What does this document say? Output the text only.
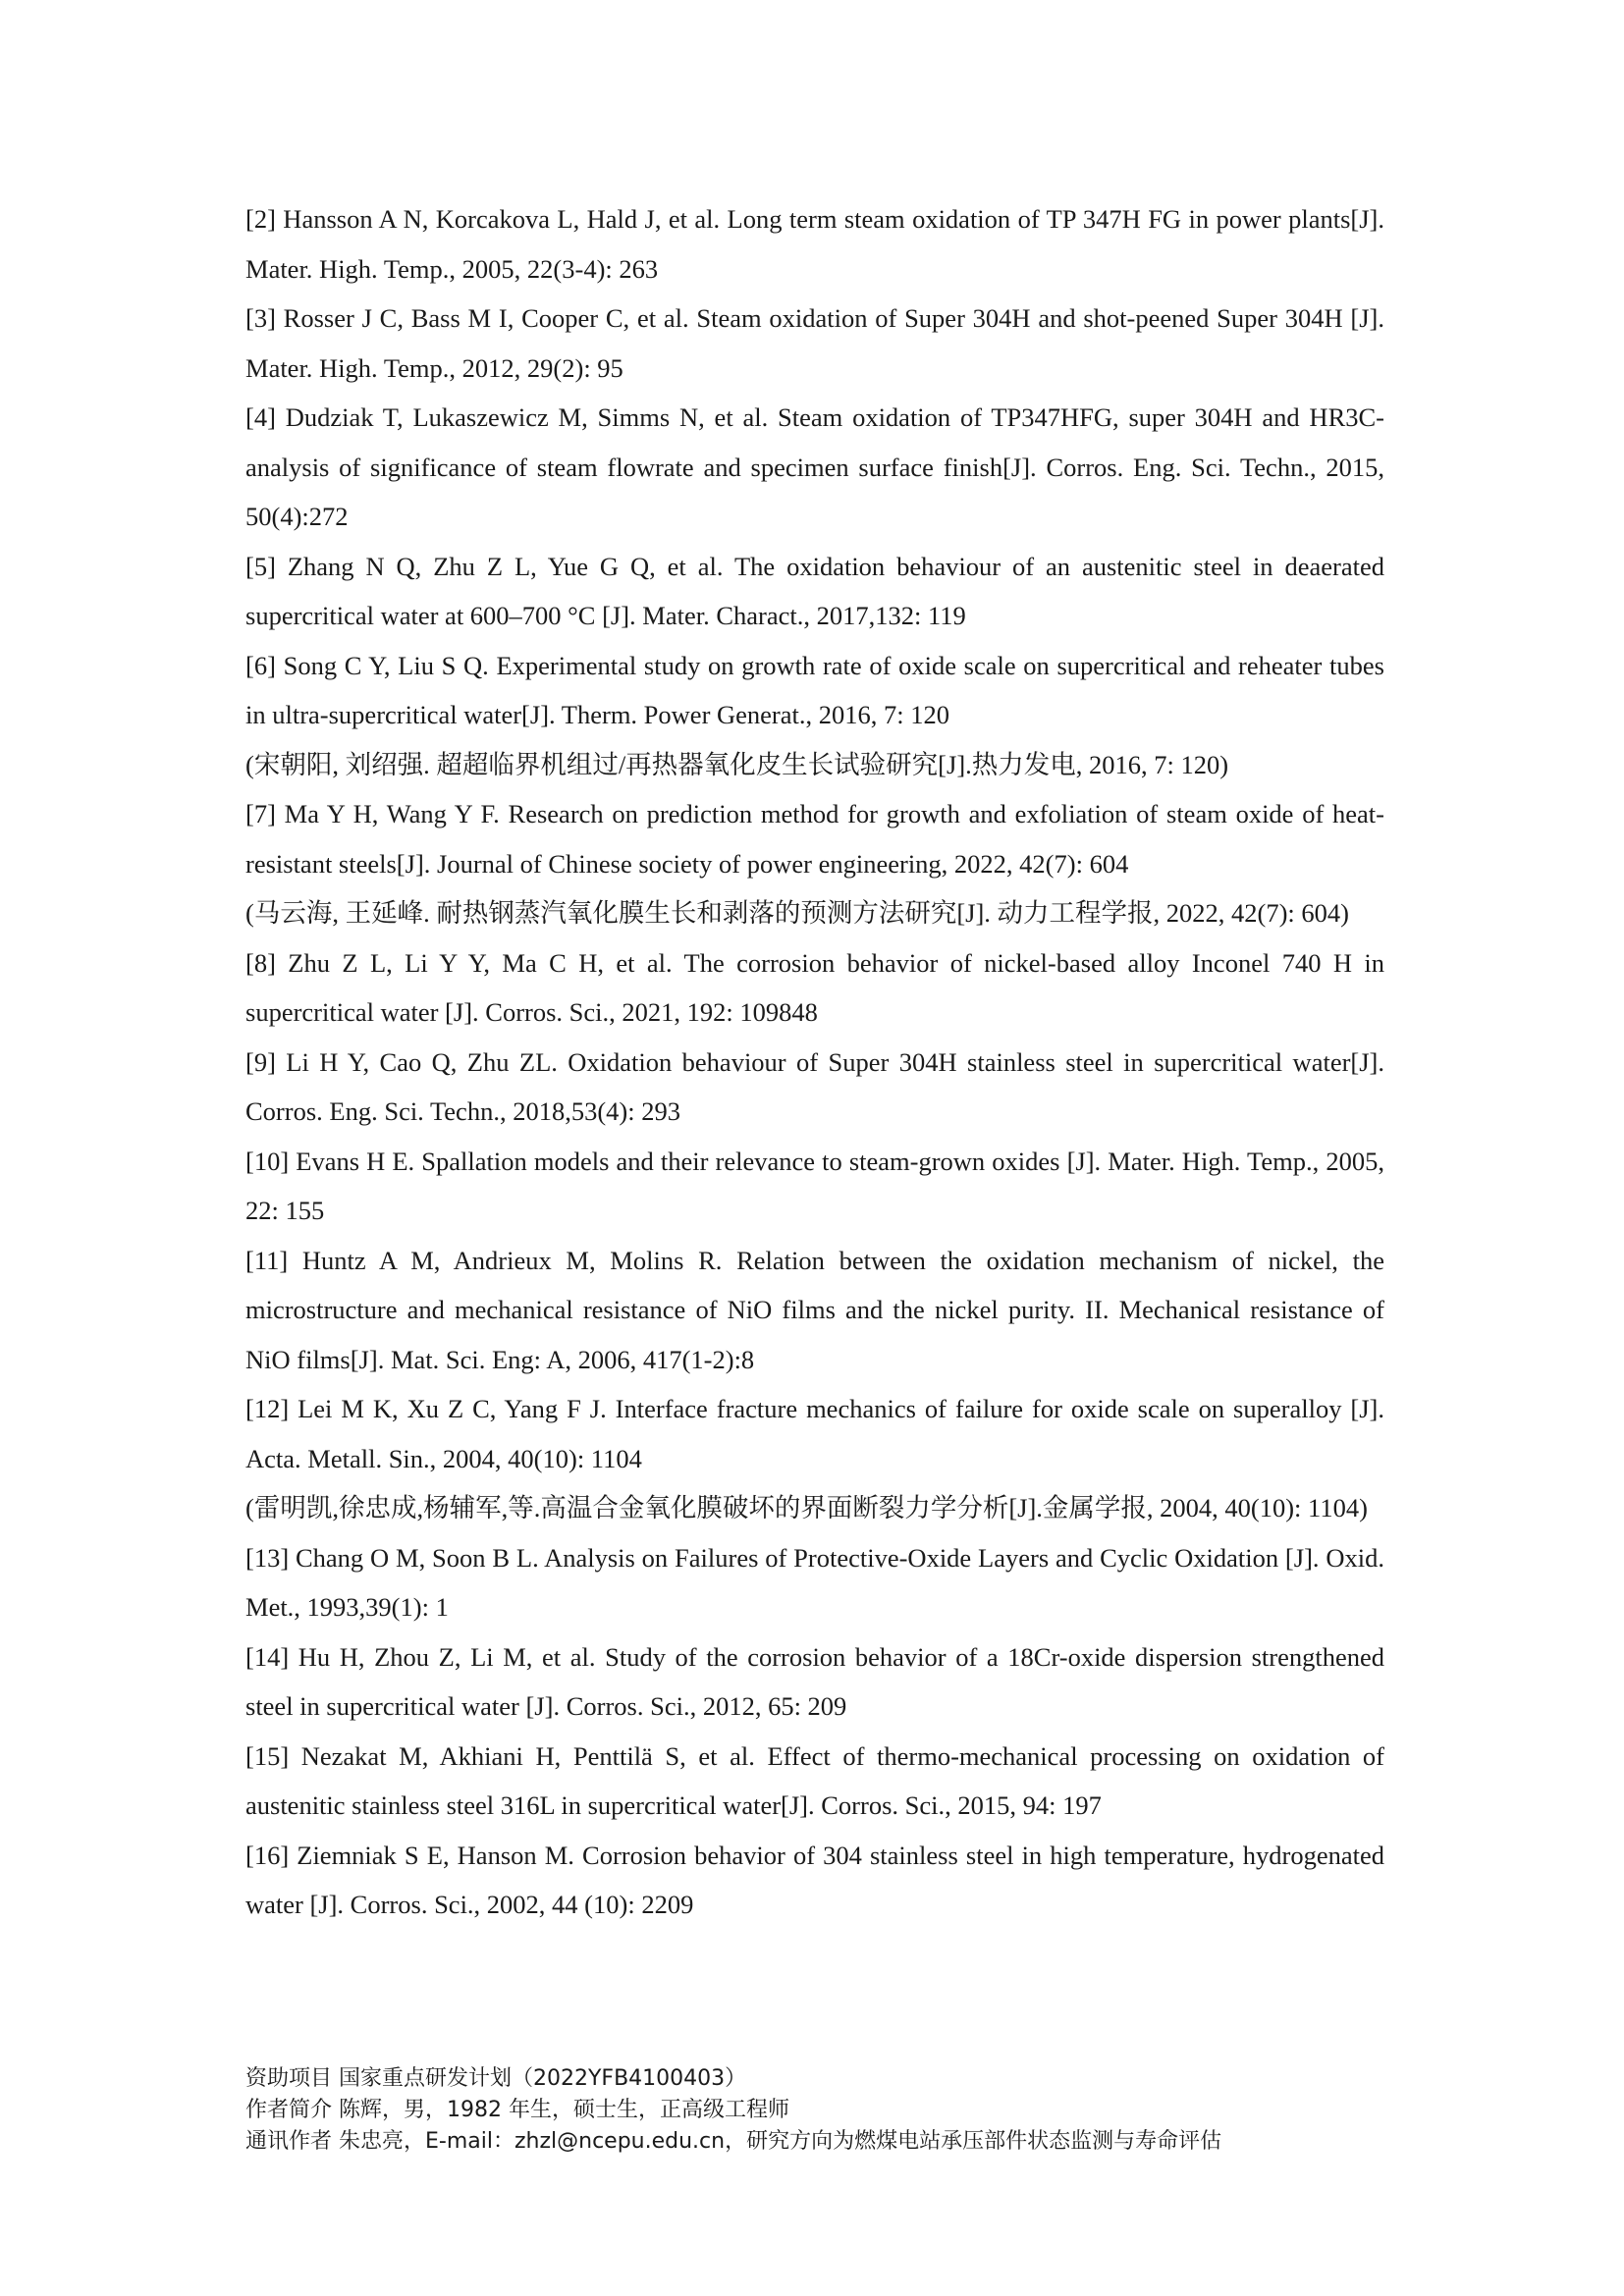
[2] Hansson A N, Korcakova L, Hald J, et al. Long term steam oxidation of TP 347H FG in power plants[J]. Mater. High. Temp., 2005, 22(3-4): 263

[3] Rosser J C, Bass M I, Cooper C, et al. Steam oxidation of Super 304H and shot-peened Super 304H [J]. Mater. High. Temp., 2012, 29(2): 95

[4] Dudziak T, Lukaszewicz M, Simms N, et al. Steam oxidation of TP347HFG, super 304H and HR3C-analysis of significance of steam flowrate and specimen surface finish[J]. Corros. Eng. Sci. Techn., 2015, 50(4):272

[5] Zhang N Q, Zhu Z L, Yue G Q, et al. The oxidation behaviour of an austenitic steel in deaerated supercritical water at 600–700 °C [J]. Mater. Charact., 2017,132: 119

[6] Song C Y, Liu S Q. Experimental study on growth rate of oxide scale on supercritical and reheater tubes in ultra-supercritical water[J]. Therm. Power Generat., 2016, 7: 120

(宋朝阳, 刘绍强. 超超临界机组过/再热器氧化皮生长试验研究[J].热力发电, 2016, 7: 120)

[7] Ma Y H, Wang Y F. Research on prediction method for growth and exfoliation of steam oxide of heat-resistant steels[J]. Journal of Chinese society of power engineering, 2022, 42(7): 604

(马云海, 王延峰. 耐热钢蒸汽氧化膜生长和剥落的预测方法研究[J]. 动力工程学报, 2022, 42(7): 604)

[8] Zhu Z L, Li Y Y, Ma C H, et al. The corrosion behavior of nickel-based alloy Inconel 740 H in supercritical water [J]. Corros. Sci., 2021, 192: 109848

[9] Li H Y, Cao Q, Zhu ZL. Oxidation behaviour of Super 304H stainless steel in supercritical water[J]. Corros. Eng. Sci. Techn., 2018,53(4): 293

[10] Evans H E. Spallation models and their relevance to steam-grown oxides [J]. Mater. High. Temp., 2005, 22: 155

[11] Huntz A M, Andrieux M, Molins R. Relation between the oxidation mechanism of nickel, the microstructure and mechanical resistance of NiO films and the nickel purity. II. Mechanical resistance of NiO films[J]. Mat. Sci. Eng: A, 2006, 417(1-2):8

[12] Lei M K, Xu Z C, Yang F J. Interface fracture mechanics of failure for oxide scale on superalloy [J]. Acta. Metall. Sin., 2004, 40(10): 1104

(雷明凯,徐忠成,杨辅军,等.高温合金氧化膜破坏的界面断裂力学分析[J].金属学报, 2004, 40(10): 1104)

[13] Chang O M, Soon B L. Analysis on Failures of Protective-Oxide Layers and Cyclic Oxidation [J]. Oxid. Met., 1993,39(1): 1

[14] Hu H, Zhou Z, Li M, et al. Study of the corrosion behavior of a 18Cr-oxide dispersion strengthened steel in supercritical water [J]. Corros. Sci., 2012, 65: 209

[15] Nezakat M, Akhiani H, Penttilä S, et al. Effect of thermo-mechanical processing on oxidation of austenitic stainless steel 316L in supercritical water[J]. Corros. Sci., 2015, 94: 197

[16] Ziemniak S E, Hanson M. Corrosion behavior of 304 stainless steel in high temperature, hydrogenated water [J]. Corros. Sci., 2002, 44 (10): 2209

资助项目 国家重点研发计划（2022YFB4100403）

作者简介 陈辉，男，1982 年生，硕士生，正高级工程师

通讯作者 朱忠亮，E-mail：zhzl@ncepu.edu.cn，研究方向为燃煤电站承压部件状态监测与寿命评估
